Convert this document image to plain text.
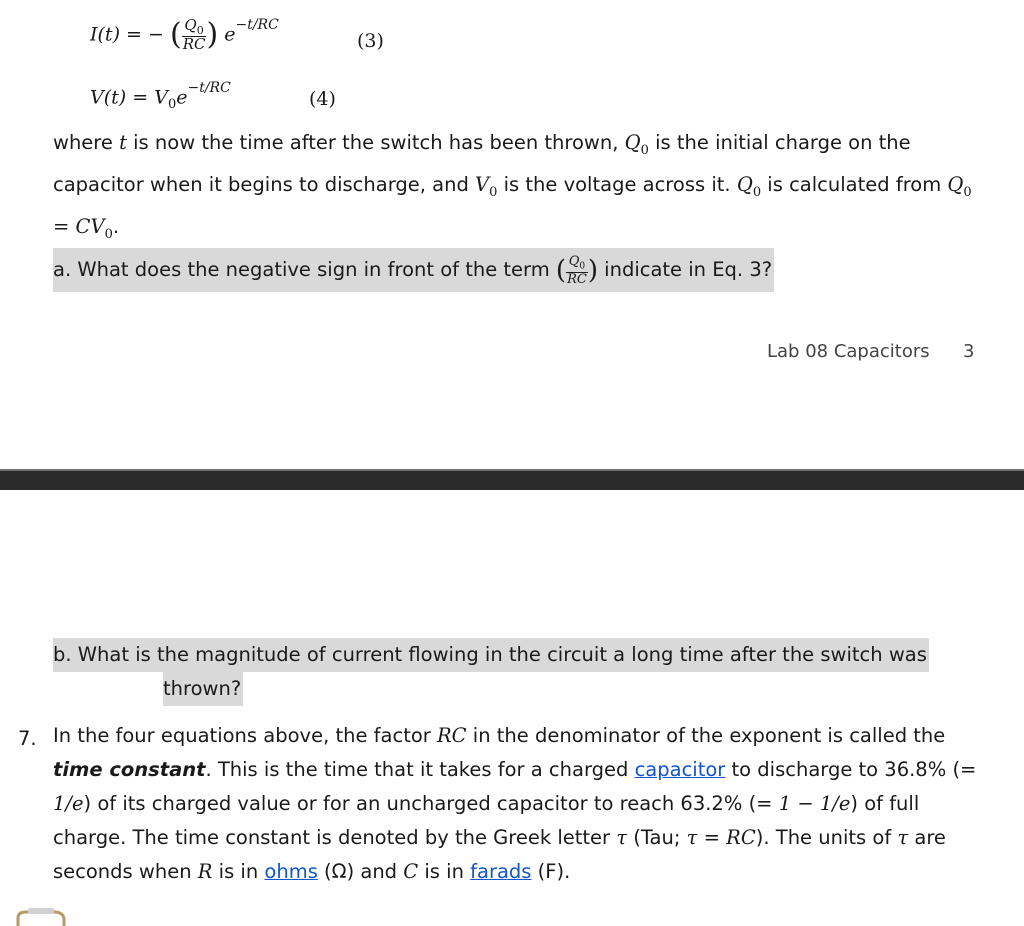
I(t) = − ( $\frac{Q_0}{RC}$ ) $e^{-t/RC}$
(3)
$V(t) = V_0e^{-t/RC}$	(4)
where t is now the time after the switch has been thrown, $Q_0$ is the initial charge on the capacitor when it begins to discharge, and $V_0$ is the voltage across it. $Q_0$ is calculated from $Q_0 = CV_0$.
a. What does the negative sign in front of the term ( $\frac{Q_0}{RC}$ ) indicate in Eq. 3?
Lab 08 Capacitors 3
b. What is the magnitude of current flowing in the circuit a long time after the switch was
thrown?
7. In the four equations above, the factor RC in the denominator of the exponent is called the time constant. This is the time that it takes for a charged capacitor to discharge to 36.8% (= 1/e) of its charged value or for an uncharged capacitor to reach 63.2% (= 1 − 1/e) of full charge. The time constant is denoted by the Greek letter τ (Tau; τ = RC). The units of τ are seconds when R is in ohms (Ω) and C is in farads (F).
